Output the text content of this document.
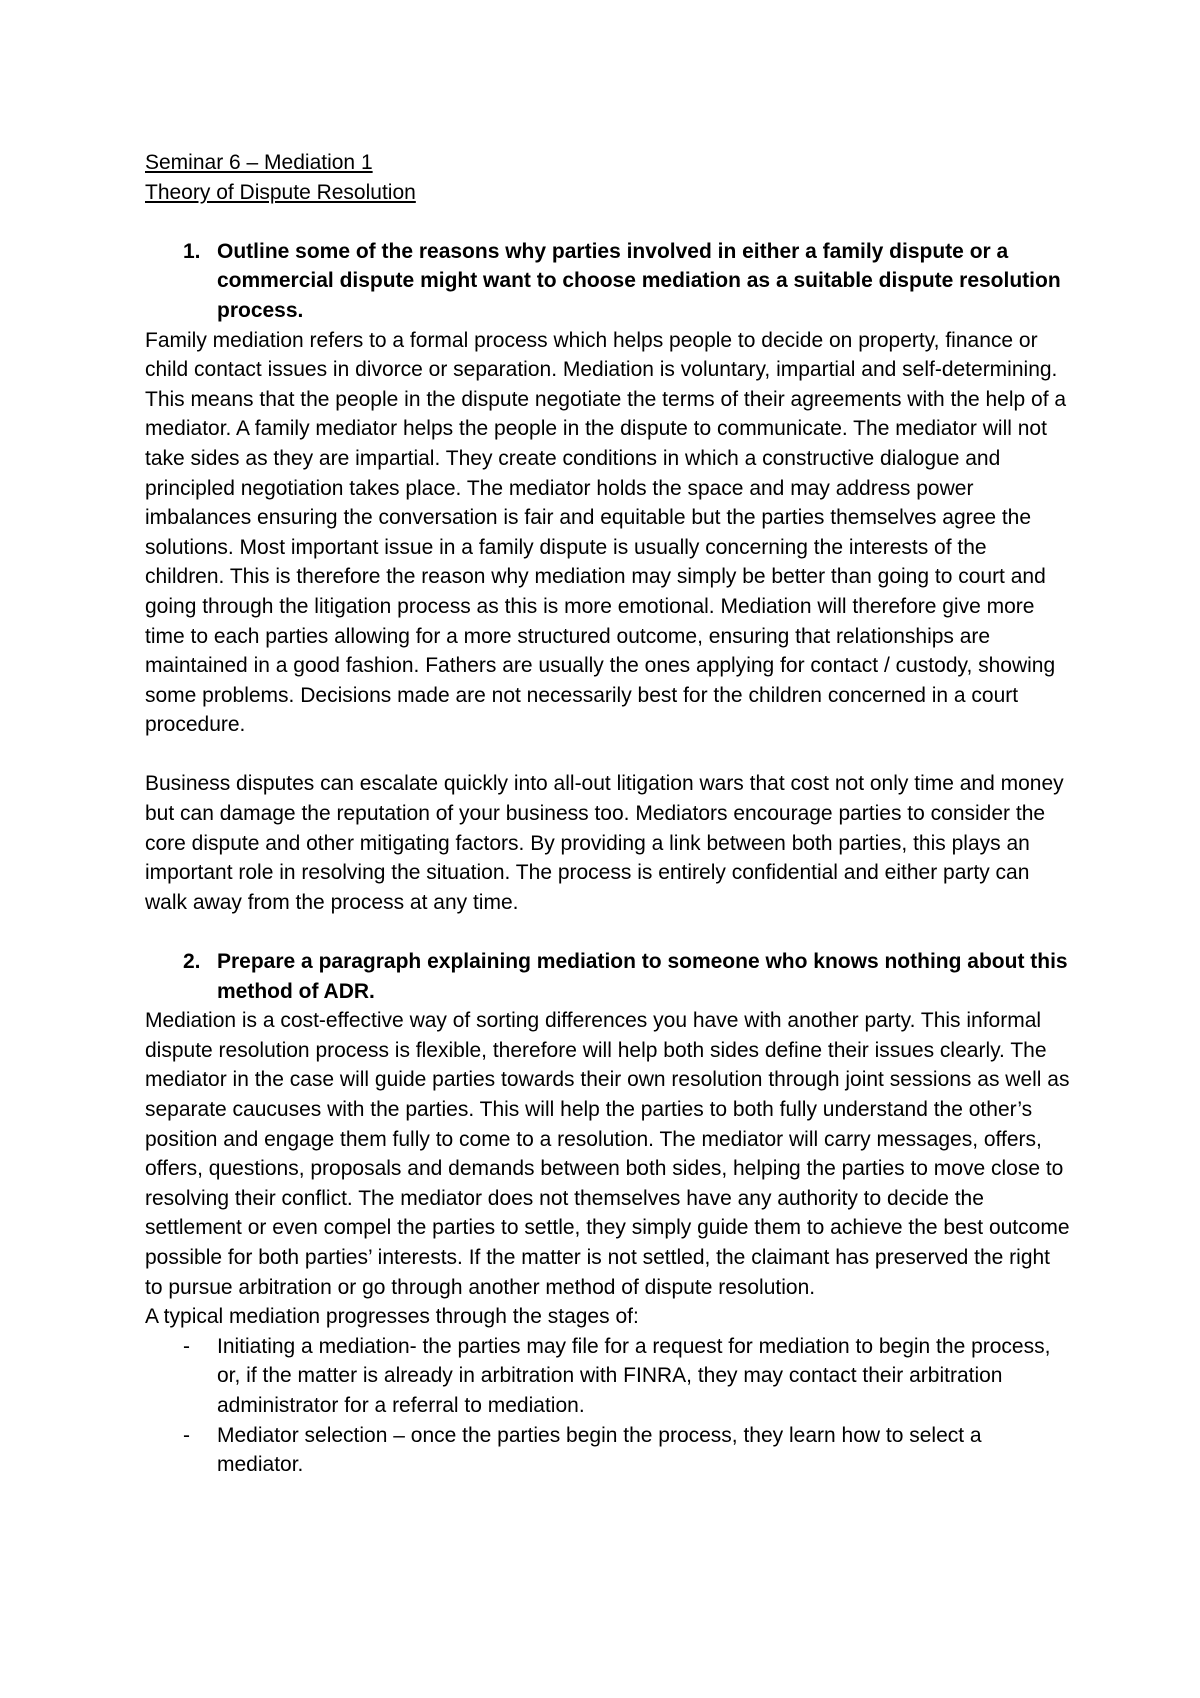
Seminar 6 – Mediation 1

Theory of Dispute Resolution

1. Outline some of the reasons why parties involved in either a family dispute or a commercial dispute might want to choose mediation as a suitable dispute resolution process.

Family mediation refers to a formal process which helps people to decide on property, finance or child contact issues in divorce or separation. Mediation is voluntary, impartial and self-determining. This means that the people in the dispute negotiate the terms of their agreements with the help of a mediator. A family mediator helps the people in the dispute to communicate. The mediator will not take sides as they are impartial. They create conditions in which a constructive dialogue and principled negotiation takes place. The mediator holds the space and may address power imbalances ensuring the conversation is fair and equitable but the parties themselves agree the solutions. Most important issue in a family dispute is usually concerning the interests of the children. This is therefore the reason why mediation may simply be better than going to court and going through the litigation process as this is more emotional. Mediation will therefore give more time to each parties allowing for a more structured outcome, ensuring that relationships are maintained in a good fashion. Fathers are usually the ones applying for contact / custody, showing some problems. Decisions made are not necessarily best for the children concerned in a court procedure.

Business disputes can escalate quickly into all-out litigation wars that cost not only time and money but can damage the reputation of your business too. Mediators encourage parties to consider the core dispute and other mitigating factors. By providing a link between both parties, this plays an important role in resolving the situation. The process is entirely confidential and either party can walk away from the process at any time.

2. Prepare a paragraph explaining mediation to someone who knows nothing about this method of ADR.

Mediation is a cost-effective way of sorting differences you have with another party. This informal dispute resolution process is flexible, therefore will help both sides define their issues clearly. The mediator in the case will guide parties towards their own resolution through joint sessions as well as separate caucuses with the parties. This will help the parties to both fully understand the other’s position and engage them fully to come to a resolution. The mediator will carry messages, offers, offers, questions, proposals and demands between both sides, helping the parties to move close to resolving their conflict. The mediator does not themselves have any authority to decide the settlement or even compel the parties to settle, they simply guide them to achieve the best outcome possible for both parties’ interests. If the matter is not settled, the claimant has preserved the right to pursue arbitration or go through another method of dispute resolution.

A typical mediation progresses through the stages of:

-	Initiating a mediation- the parties may file for a request for mediation to begin the process, or, if the matter is already in arbitration with FINRA, they may contact their arbitration administrator for a referral to mediation.
-	Mediator selection – once the parties begin the process, they learn how to select a mediator.
